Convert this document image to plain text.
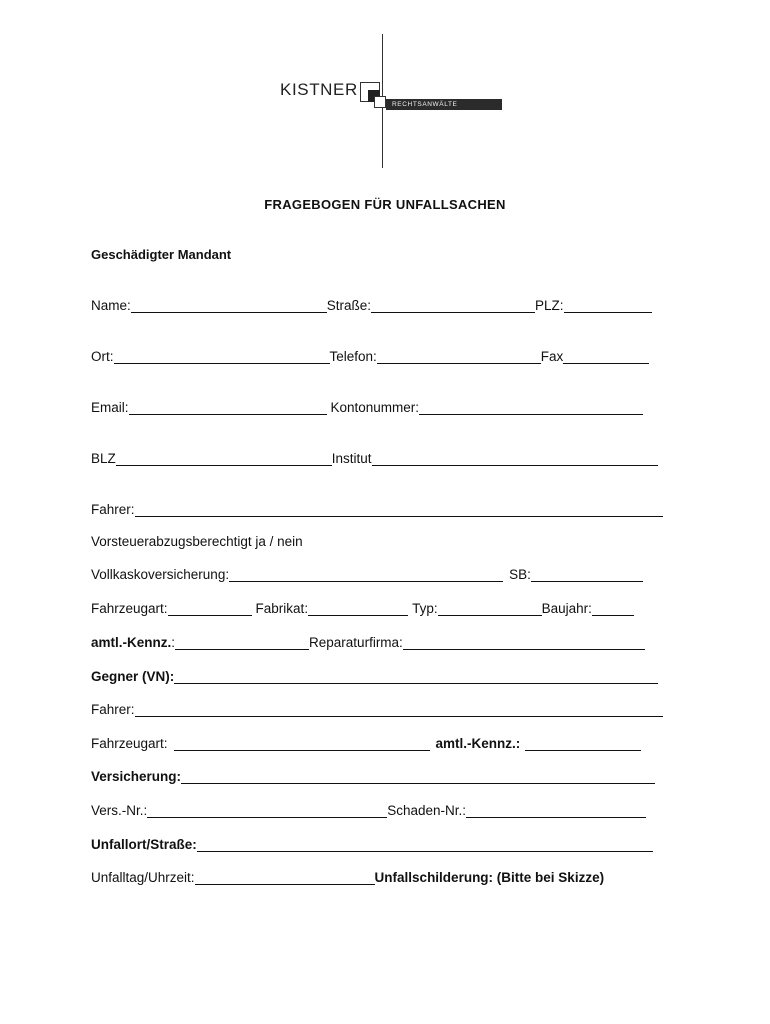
KISTNER
RECHTSANWÄLTE
FRAGEBOGEN FÜR UNFALLSACHEN
Geschädigter Mandant
Name:	Straße:	PLZ:
Ort:	Telefon:	Fax
Email:	Kontonummer:
BLZ	Institut
Fahrer:
Vorsteuerabzugsberechtigt ja / nein
Vollkaskoversicherung:	SB:
Fahrzeugart:	Fabrikat:	Typ:	Baujahr:
amtl.-Kennz. :	Reparaturfirma:
Gegner (VN):
Fahrer:
Fahrzeugart:	amtl.-Kennz.:
Versicherung:
Vers.-Nr.:	Schaden-Nr.:
Unfallort/Straße:
Unfalltag/Uhrzeit:	Unfallschilderung: (Bitte bei Skizze)
